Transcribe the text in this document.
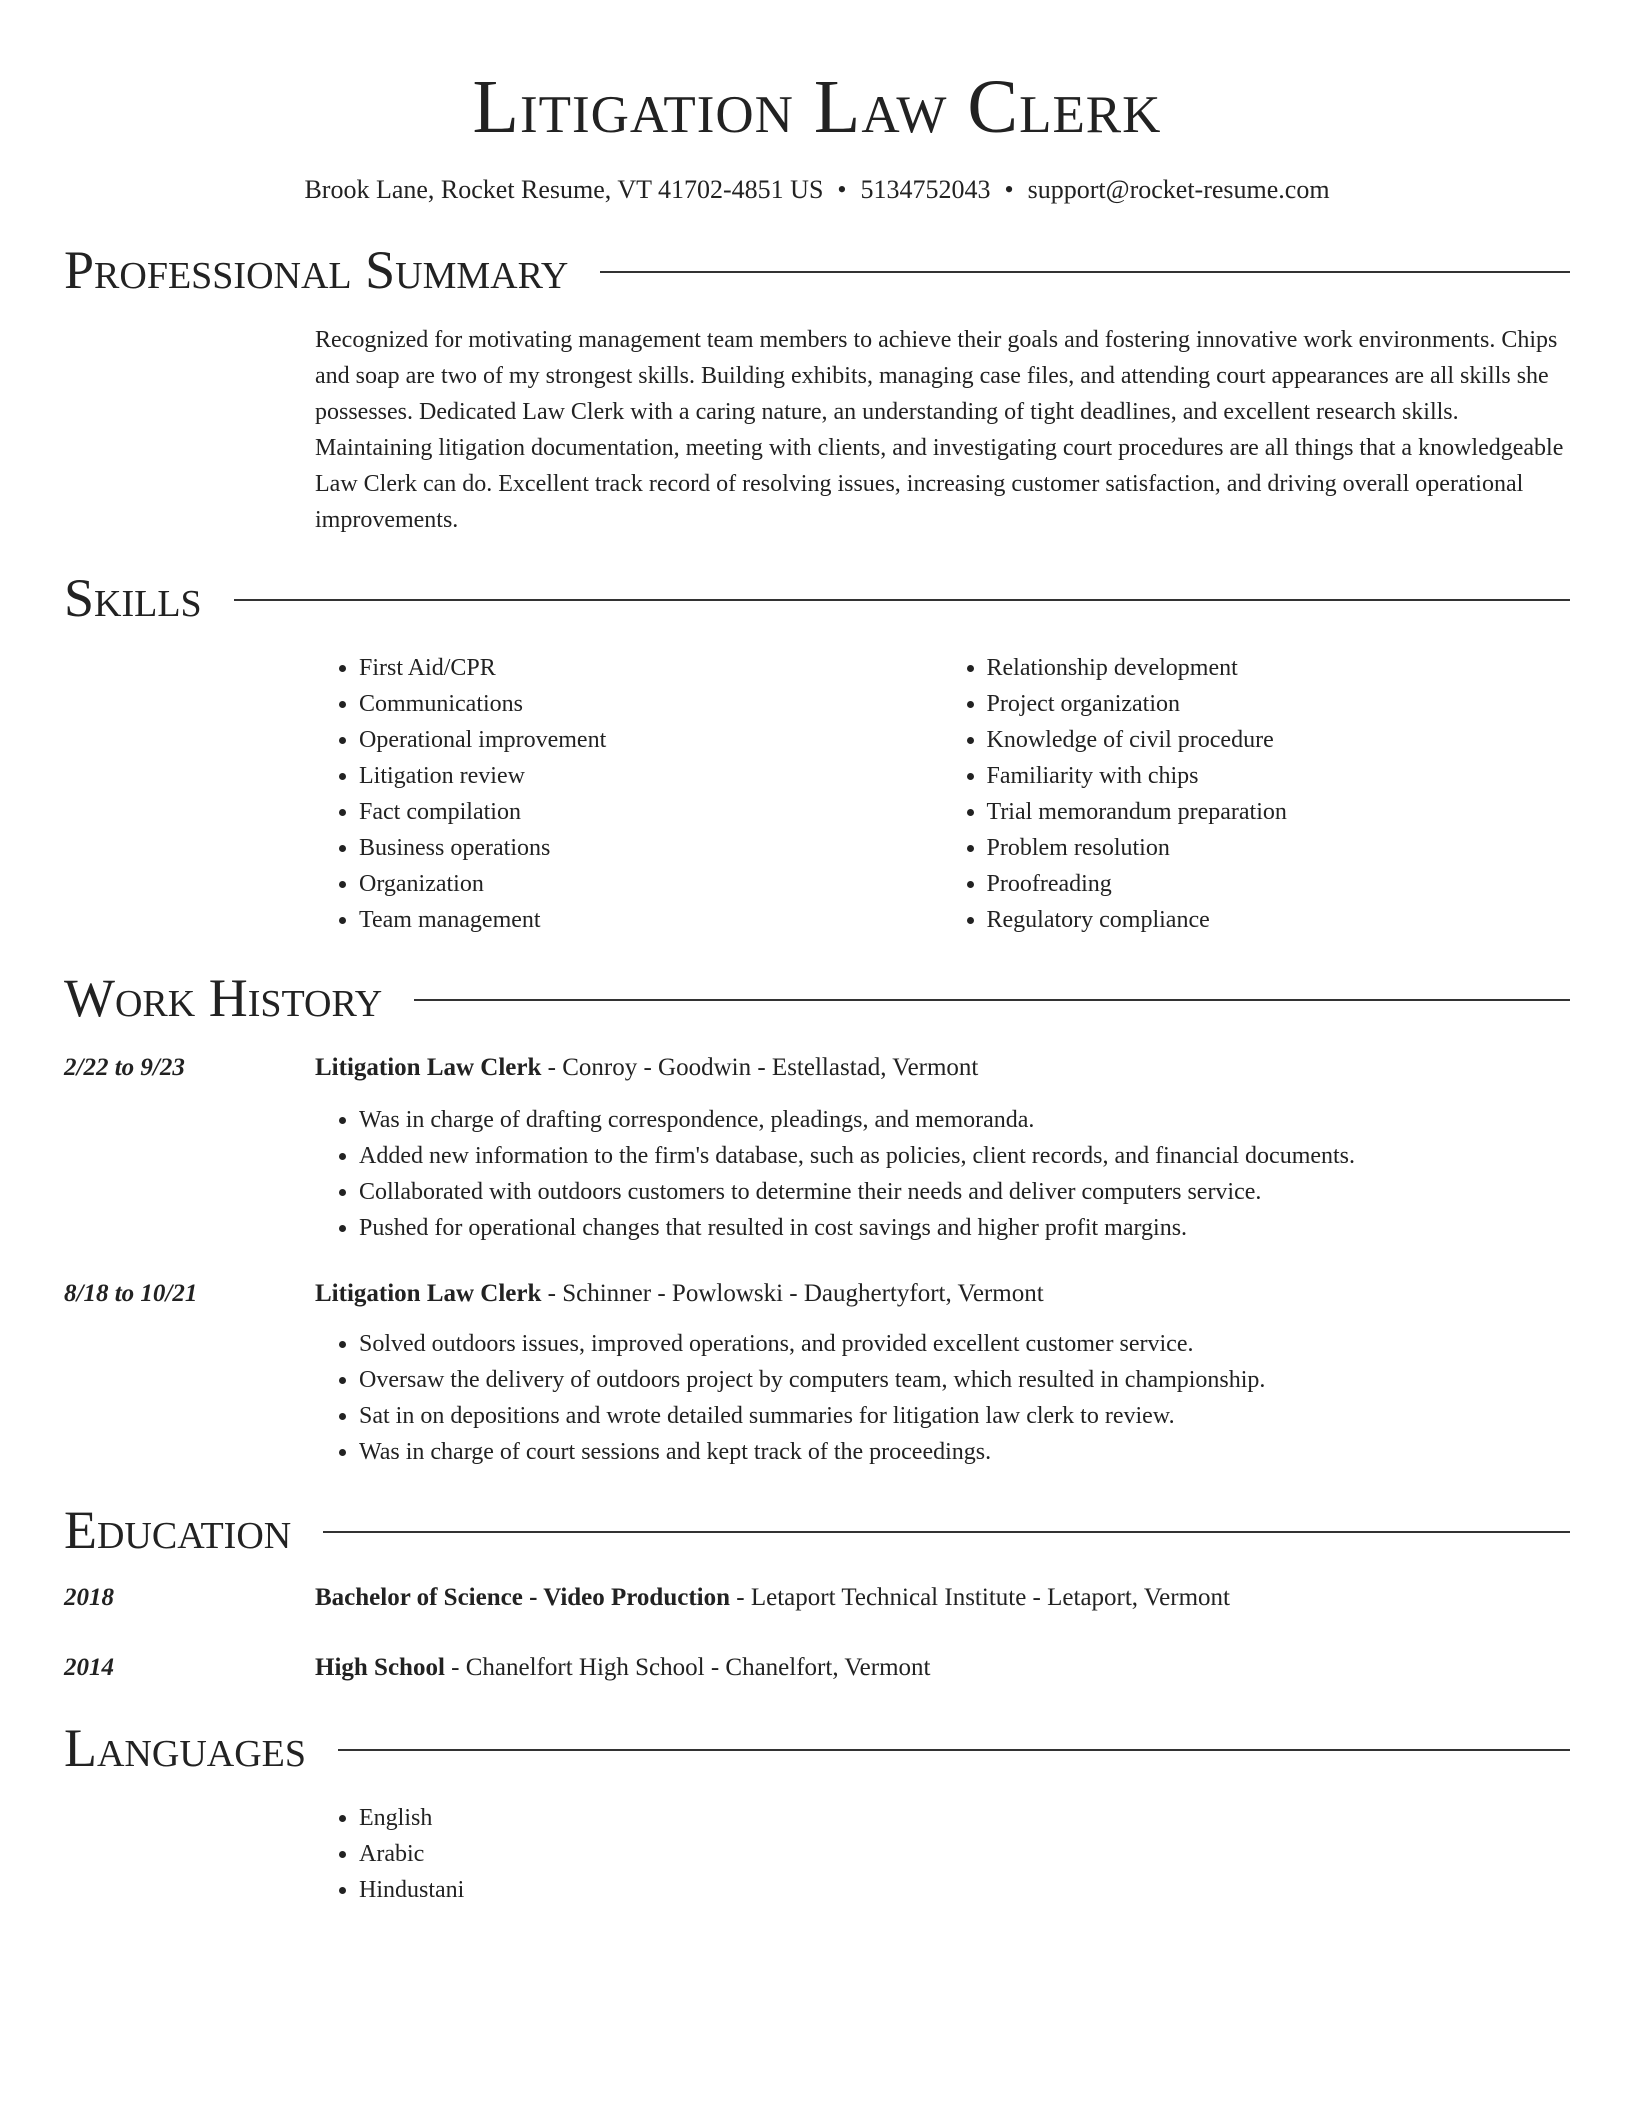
Litigation Law Clerk
Brook Lane, Rocket Resume, VT 41702-4851 US • 5134752043 • support@rocket-resume.com
Professional Summary
Recognized for motivating management team members to achieve their goals and fostering innovative work environments. Chips and soap are two of my strongest skills. Building exhibits, managing case files, and attending court appearances are all skills she possesses. Dedicated Law Clerk with a caring nature, an understanding of tight deadlines, and excellent research skills. Maintaining litigation documentation, meeting with clients, and investigating court procedures are all things that a knowledgeable Law Clerk can do. Excellent track record of resolving issues, increasing customer satisfaction, and driving overall operational improvements.
Skills
• First Aid/CPR
• Communications
• Operational improvement
• Litigation review
• Fact compilation
• Business operations
• Organization
• Team management
• Relationship development
• Project organization
• Knowledge of civil procedure
• Familiarity with chips
• Trial memorandum preparation
• Problem resolution
• Proofreading
• Regulatory compliance
Work History
2/22 to 9/23	Litigation Law Clerk - Conroy - Goodwin - Estellastad, Vermont
• Was in charge of drafting correspondence, pleadings, and memoranda.
• Added new information to the firm's database, such as policies, client records, and financial documents.
• Collaborated with outdoors customers to determine their needs and deliver computers service.
• Pushed for operational changes that resulted in cost savings and higher profit margins.
8/18 to 10/21	Litigation Law Clerk - Schinner - Powlowski - Daughertyfort, Vermont
• Solved outdoors issues, improved operations, and provided excellent customer service.
• Oversaw the delivery of outdoors project by computers team, which resulted in championship.
• Sat in on depositions and wrote detailed summaries for litigation law clerk to review.
• Was in charge of court sessions and kept track of the proceedings.
Education
2018	Bachelor of Science - Video Production - Letaport Technical Institute - Letaport, Vermont
2014	High School - Chanelfort High School - Chanelfort, Vermont
Languages
• English
• Arabic
• Hindustani
